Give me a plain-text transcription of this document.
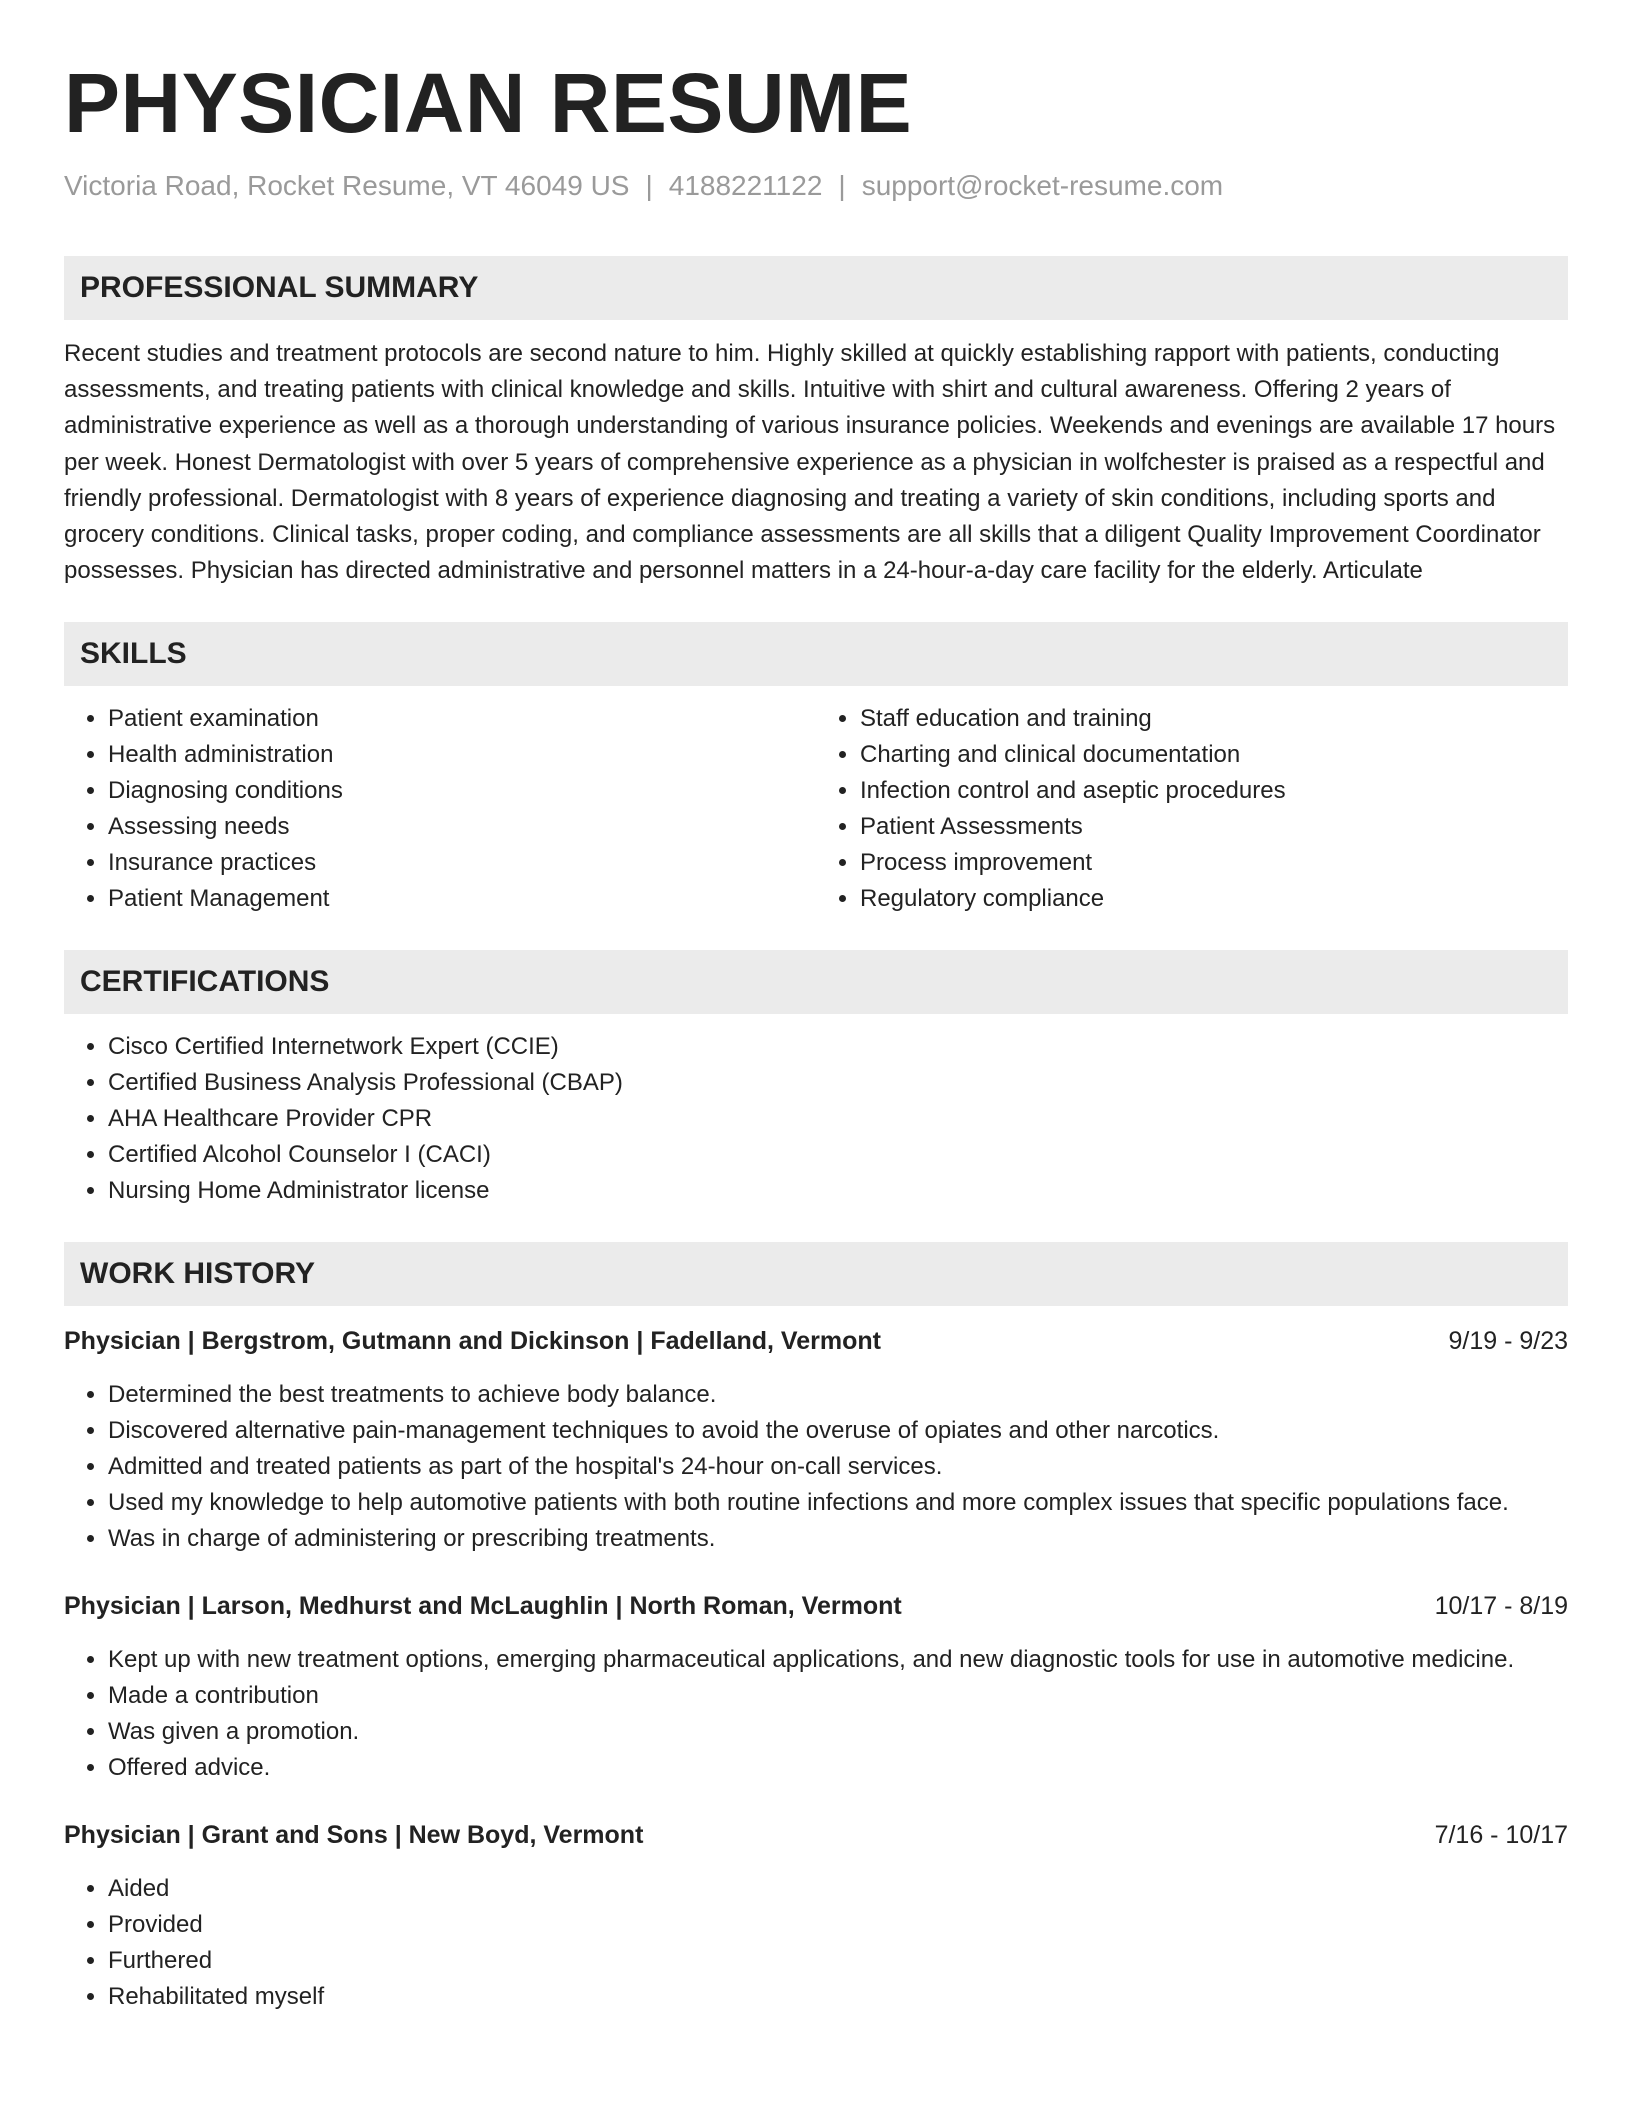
PHYSICIAN RESUME
Victoria Road, Rocket Resume, VT 46049 US | 4188221122 | support@rocket-resume.com
PROFESSIONAL SUMMARY

Recent studies and treatment protocols are second nature to him. Highly skilled at quickly establishing rapport with patients, conducting assessments, and treating patients with clinical knowledge and skills. Intuitive with shirt and cultural awareness. Offering 2 years of administrative experience as well as a thorough understanding of various insurance policies. Weekends and evenings are available 17 hours per week. Honest Dermatologist with over 5 years of comprehensive experience as a physician in wolfchester is praised as a respectful and friendly professional. Dermatologist with 8 years of experience diagnosing and treating a variety of skin conditions, including sports and grocery conditions. Clinical tasks, proper coding, and compliance assessments are all skills that a diligent Quality Improvement Coordinator possesses. Physician has directed administrative and personnel matters in a 24-hour-a-day care facility for the elderly. Articulate

SKILLS
• Patient examination
• Health administration
• Diagnosing conditions
• Assessing needs
• Insurance practices
• Patient Management
• Staff education and training
• Charting and clinical documentation
• Infection control and aseptic procedures
• Patient Assessments
• Process improvement
• Regulatory compliance
CERTIFICATIONS
• Cisco Certified Internetwork Expert (CCIE)
• Certified Business Analysis Professional (CBAP)
• AHA Healthcare Provider CPR
• Certified Alcohol Counselor I (CACI)
• Nursing Home Administrator license
WORK HISTORY
Physician | Bergstrom, Gutmann and Dickinson | Fadelland, Vermont	9/19 - 9/23
• Determined the best treatments to achieve body balance.
• Discovered alternative pain-management techniques to avoid the overuse of opiates and other narcotics.
• Admitted and treated patients as part of the hospital's 24-hour on-call services.
• Used my knowledge to help automotive patients with both routine infections and more complex issues that specific populations face.
• Was in charge of administering or prescribing treatments.
Physician | Larson, Medhurst and McLaughlin | North Roman, Vermont	10/17 - 8/19
• Kept up with new treatment options, emerging pharmaceutical applications, and new diagnostic tools for use in automotive medicine.
• Made a contribution
• Was given a promotion.
• Offered advice.
Physician | Grant and Sons | New Boyd, Vermont	7/16 - 10/17
• Aided
• Provided
• Furthered
• Rehabilitated myself
